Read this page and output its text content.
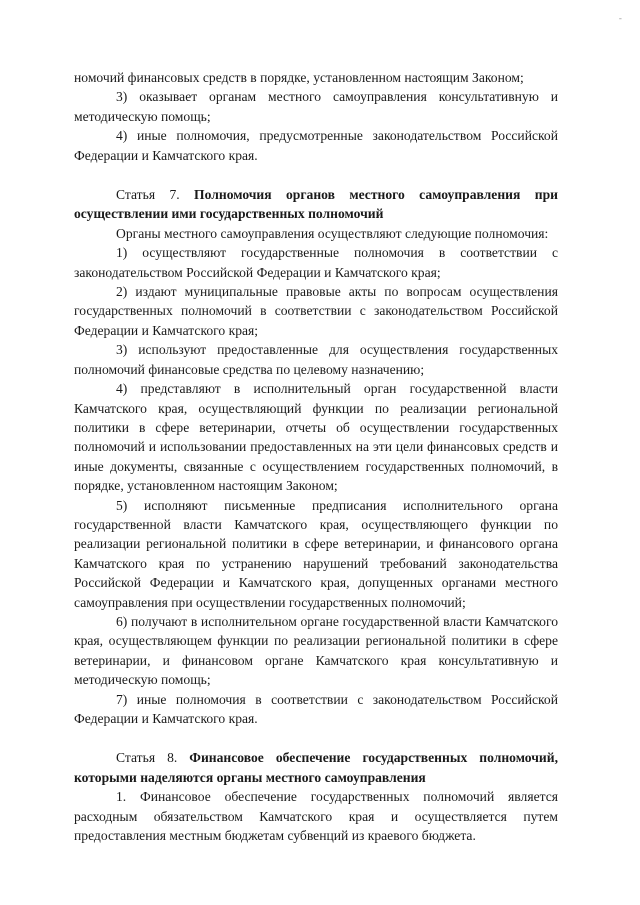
-

номочий финансовых средств в порядке, установленном настоящим Законом;

3) оказывает органам местного самоуправления консультативную и методическую помощь;

4) иные полномочия, предусмотренные законодательством Российской Федерации и Камчатского края.

Статья 7. Полномочия органов местного самоуправления при осуществлении ими государственных полномочий

Органы местного самоуправления осуществляют следующие полномочия:

1) осуществляют государственные полномочия в соответствии с законодательством Российской Федерации и Камчатского края;

2) издают муниципальные правовые акты по вопросам осуществления государственных полномочий в соответствии с законодательством Российской Федерации и Камчатского края;

3) используют предоставленные для осуществления государственных полномочий финансовые средства по целевому назначению;

4) представляют в исполнительный орган государственной власти Камчатского края, осуществляющий функции по реализации региональной политики в сфере ветеринарии, отчеты об осуществлении государственных полномочий и использовании предоставленных на эти цели финансовых средств и иные документы, связанные с осуществлением государственных полномочий, в порядке, установленном настоящим Законом;

5) исполняют письменные предписания исполнительного органа государственной власти Камчатского края, осуществляющего функции по реализации региональной политики в сфере ветеринарии, и финансового органа Камчатского края по устранению нарушений требований законодательства Российской Федерации и Камчатского края, допущенных органами местного самоуправления при осуществлении государственных полномочий;

6) получают в исполнительном органе государственной власти Камчатского края, осуществляющем функции по реализации региональной политики в сфере ветеринарии, и финансовом органе Камчатского края консультативную и методическую помощь;

7) иные полномочия в соответствии с законодательством Российской Федерации и Камчатского края.

Статья 8. Финансовое обеспечение государственных полномочий, которыми наделяются органы местного самоуправления

1. Финансовое обеспечение государственных полномочий является расходным обязательством Камчатского края и осуществляется путем предоставления местным бюджетам субвенций из краевого бюджета.
